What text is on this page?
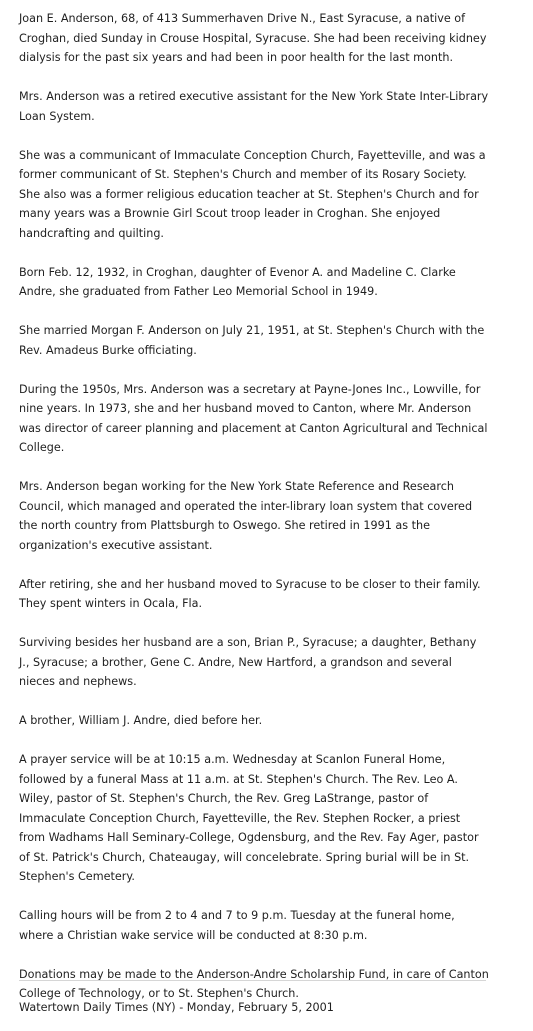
Joan E. Anderson, 68, of 413 Summerhaven Drive N., East Syracuse, a native of Croghan, died Sunday in Crouse Hospital, Syracuse. She had been receiving kidney dialysis for the past six years and had been in poor health for the last month.

Mrs. Anderson was a retired executive assistant for the New York State Inter-Library Loan System.

She was a communicant of Immaculate Conception Church, Fayetteville, and was a former communicant of St. Stephen's Church and member of its Rosary Society. She also was a former religious education teacher at St. Stephen's Church and for many years was a Brownie Girl Scout troop leader in Croghan. She enjoyed handcrafting and quilting.

Born Feb. 12, 1932, in Croghan, daughter of Evenor A. and Madeline C. Clarke Andre, she graduated from Father Leo Memorial School in 1949.

She married Morgan F. Anderson on July 21, 1951, at St. Stephen's Church with the Rev. Amadeus Burke officiating.

During the 1950s, Mrs. Anderson was a secretary at Payne-Jones Inc., Lowville, for nine years. In 1973, she and her husband moved to Canton, where Mr. Anderson was director of career planning and placement at Canton Agricultural and Technical College.

Mrs. Anderson began working for the New York State Reference and Research Council, which managed and operated the inter-library loan system that covered the north country from Plattsburgh to Oswego. She retired in 1991 as the organization's executive assistant.

After retiring, she and her husband moved to Syracuse to be closer to their family. They spent winters in Ocala, Fla.

Surviving besides her husband are a son, Brian P., Syracuse; a daughter, Bethany J., Syracuse; a brother, Gene C. Andre, New Hartford, a grandson and several nieces and nephews.

A brother, William J. Andre, died before her.

A prayer service will be at 10:15 a.m. Wednesday at Scanlon Funeral Home, followed by a funeral Mass at 11 a.m. at St. Stephen's Church. The Rev. Leo A. Wiley, pastor of St. Stephen's Church, the Rev. Greg LaStrange, pastor of Immaculate Conception Church, Fayetteville, the Rev. Stephen Rocker, a priest from Wadhams Hall Seminary-College, Ogdensburg, and the Rev. Fay Ager, pastor of St. Patrick's Church, Chateaugay, will concelebrate. Spring burial will be in St. Stephen's Cemetery.

Calling hours will be from 2 to 4 and 7 to 9 p.m. Tuesday at the funeral home, where a Christian wake service will be conducted at 8:30 p.m.

Donations may be made to the Anderson-Andre Scholarship Fund, in care of Canton College of Technology, or to St. Stephen's Church.

Watertown Daily Times (NY) - Monday, February 5, 2001
